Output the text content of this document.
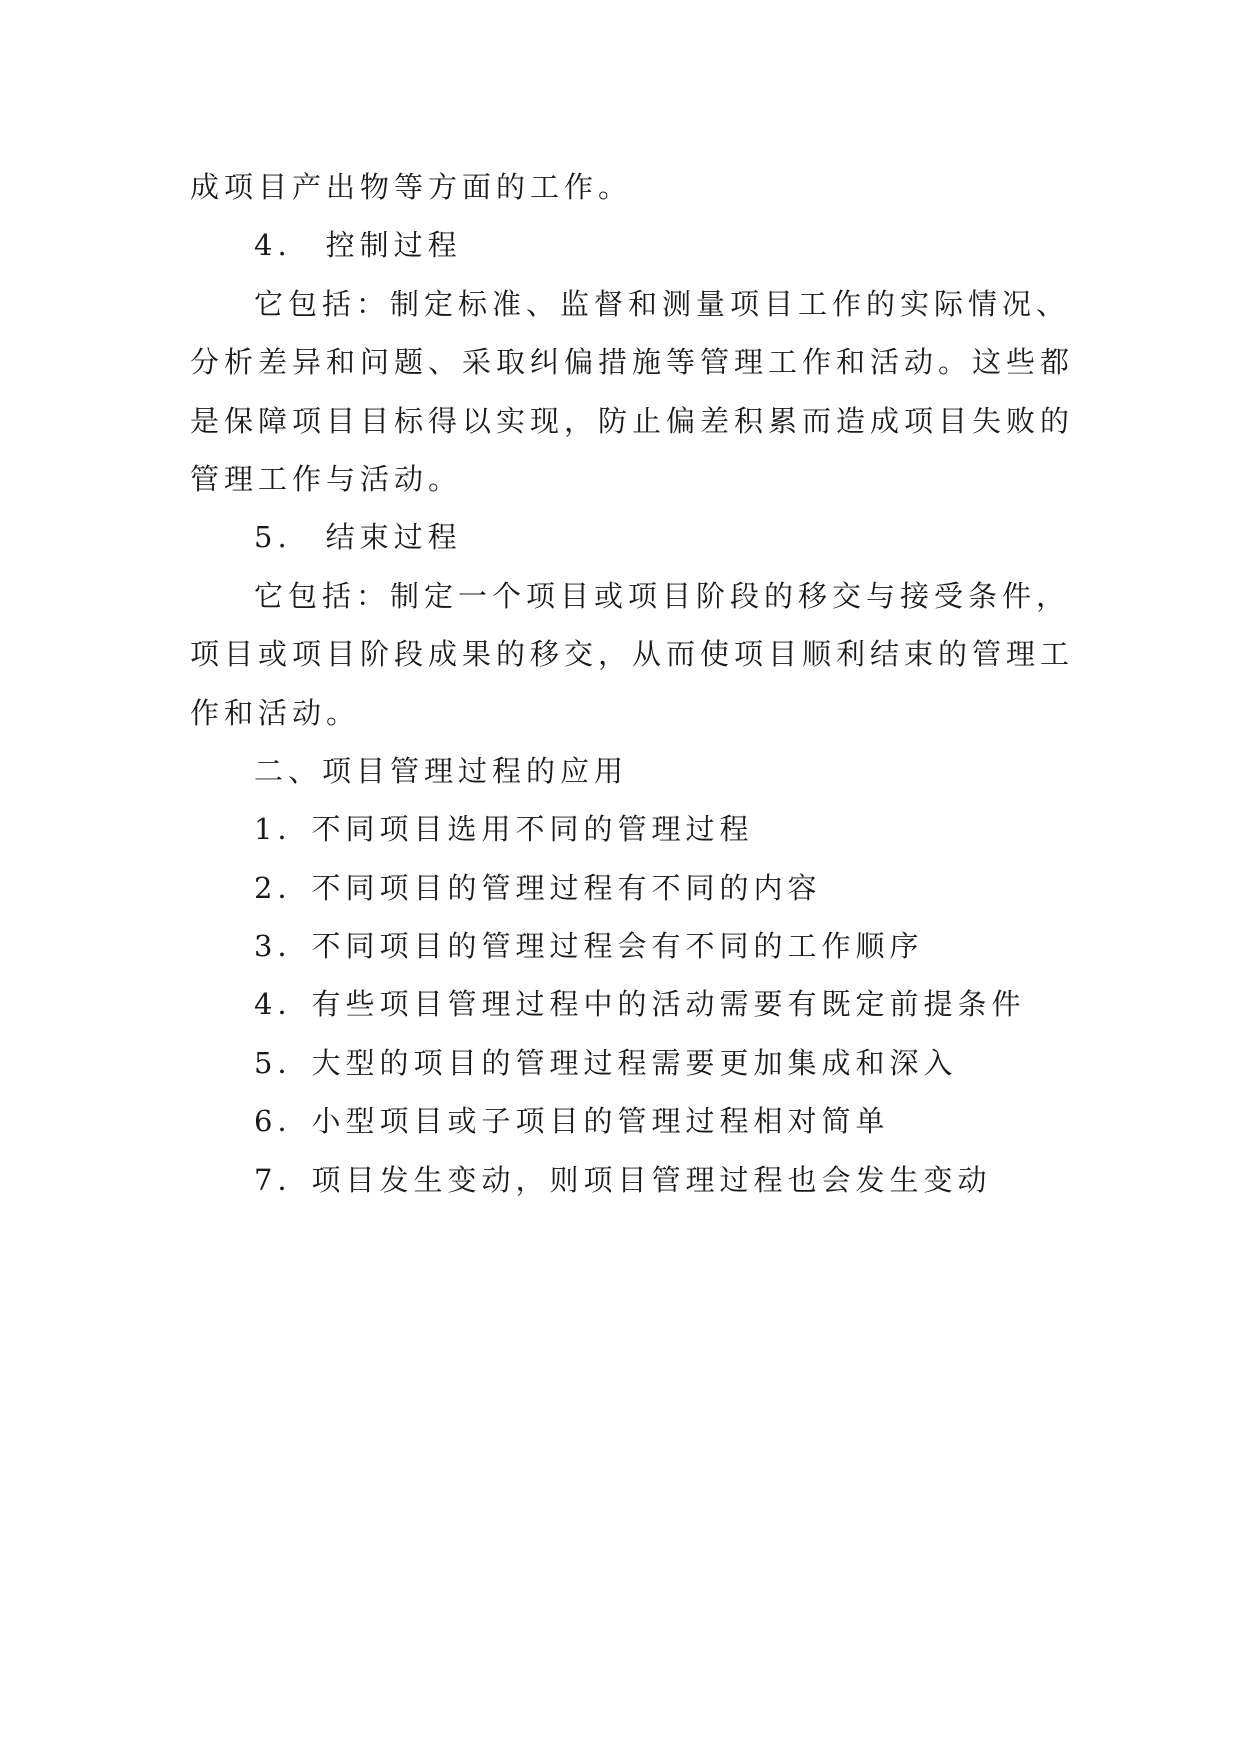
成项目产出物等方面的工作。
4.　控制过程
它包括：制定标准、监督和测量项目工作的实际情况、
分析差异和问题、采取纠偏措施等管理工作和活动。这些都
是保障项目目标得以实现，防止偏差积累而造成项目失败的
管理工作与活动。
5.　结束过程
它包括：制定一个项目或项目阶段的移交与接受条件，
项目或项目阶段成果的移交，从而使项目顺利结束的管理工
作和活动。
二、项目管理过程的应用
1．不同项目选用不同的管理过程
2．不同项目的管理过程有不同的内容
3．不同项目的管理过程会有不同的工作顺序
4．有些项目管理过程中的活动需要有既定前提条件
5．大型的项目的管理过程需要更加集成和深入
6．小型项目或子项目的管理过程相对简单
7．项目发生变动，则项目管理过程也会发生变动
